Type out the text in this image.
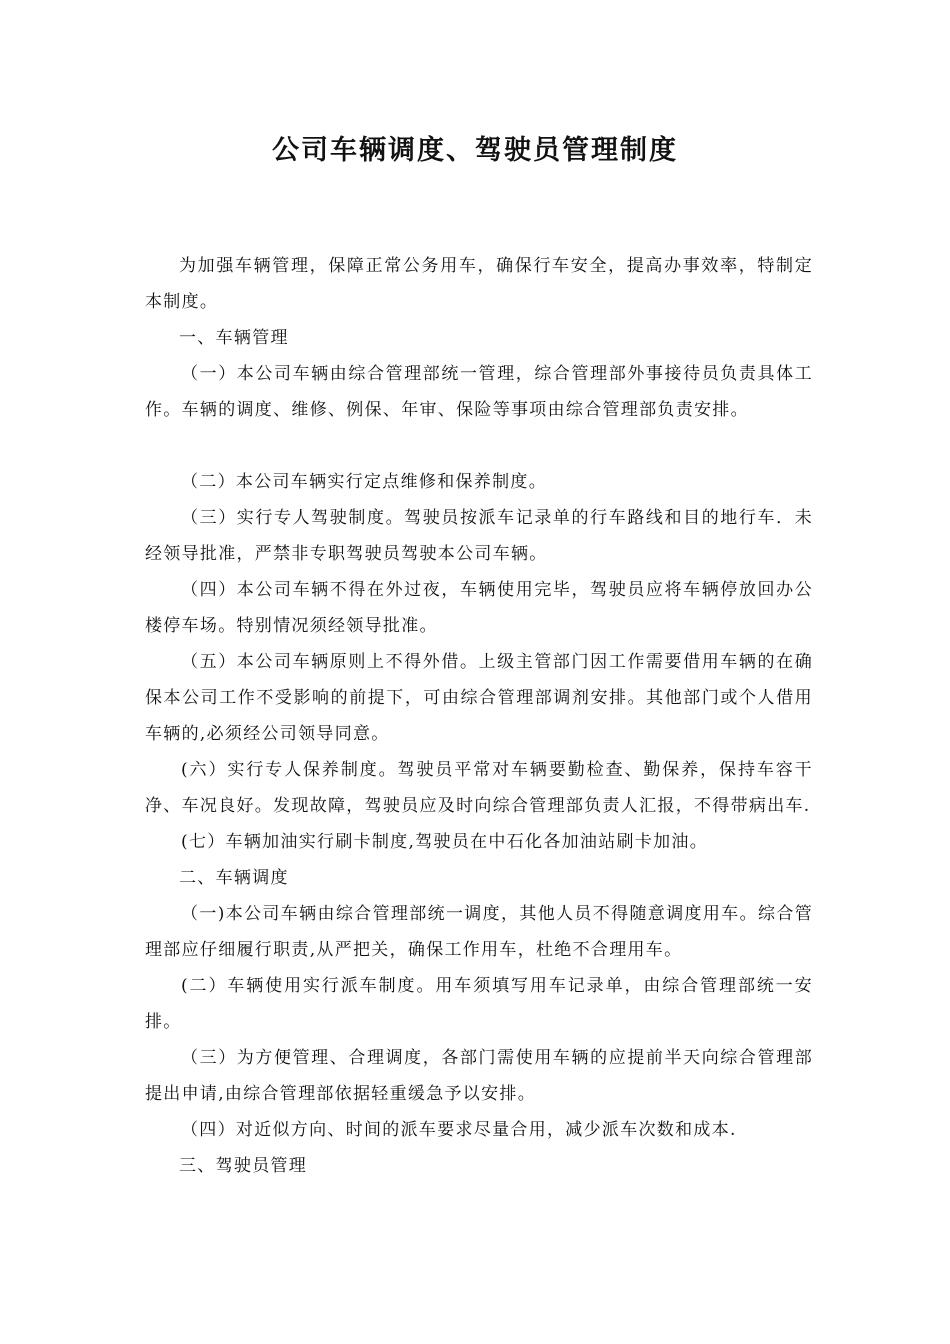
公司车辆调度、驾驶员管理制度

为加强车辆管理，保障正常公务用车，确保行车安全，提高办事效率，特制定本制度。

一、车辆管理

（一）本公司车辆由综合管理部统一管理，综合管理部外事接待员负责具体工作。车辆的调度、维修、例保、年审、保险等事项由综合管理部负责安排。

（二）本公司车辆实行定点维修和保养制度。

（三）实行专人驾驶制度。驾驶员按派车记录单的行车路线和目的地行车．未经领导批准，严禁非专职驾驶员驾驶本公司车辆。

（四）本公司车辆不得在外过夜，车辆使用完毕，驾驶员应将车辆停放回办公楼停车场。特别情况须经领导批准。

（五）本公司车辆原则上不得外借。上级主管部门因工作需要借用车辆的在确保本公司工作不受影响的前提下，可由综合管理部调剂安排。其他部门或个人借用车辆的,必须经公司领导同意。

(六）实行专人保养制度。驾驶员平常对车辆要勤检查、勤保养，保持车容干净、车况良好。发现故障，驾驶员应及时向综合管理部负责人汇报，不得带病出车.

(七）车辆加油实行刷卡制度,驾驶员在中石化各加油站刷卡加油。

二、车辆调度

（一)本公司车辆由综合管理部统一调度，其他人员不得随意调度用车。综合管理部应仔细履行职责,从严把关，确保工作用车，杜绝不合理用车。

(二）车辆使用实行派车制度。用车须填写用车记录单，由综合管理部统一安排。

（三）为方便管理、合理调度，各部门需使用车辆的应提前半天向综合管理部提出申请,由综合管理部依据轻重缓急予以安排。

（四）对近似方向、时间的派车要求尽量合用，减少派车次数和成本.

三、驾驶员管理
